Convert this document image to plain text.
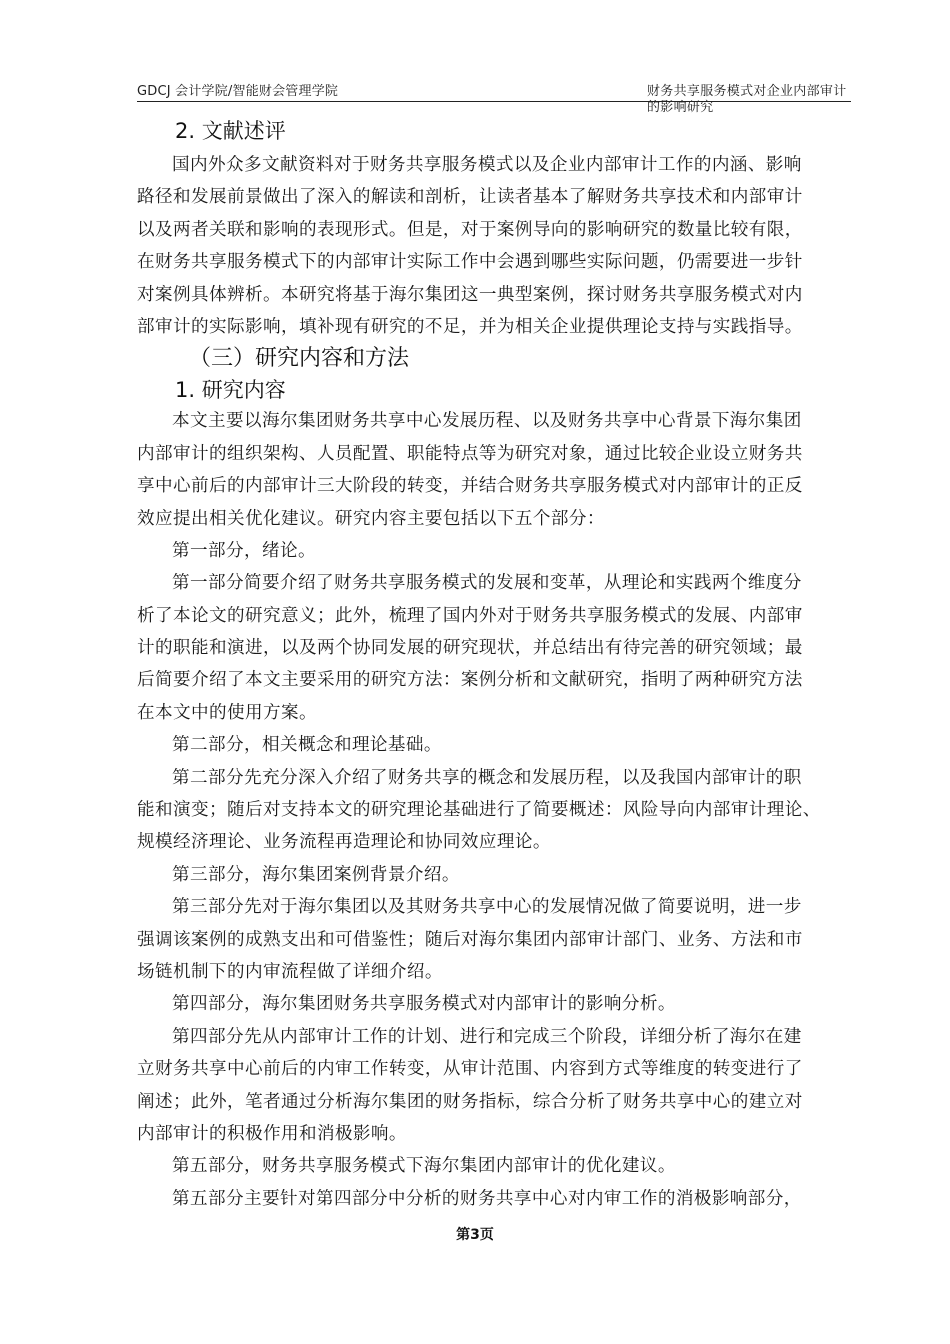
GDCJ 会计学院/智能财会管理学院	财务共享服务模式对企业内部审计的影响研究
2. 文献述评
国内外众多文献资料对于财务共享服务模式以及企业内部审计工作的内涵、影响
路径和发展前景做出了深入的解读和剖析，让读者基本了解财务共享技术和内部审计
以及两者关联和影响的表现形式。但是，对于案例导向的影响研究的数量比较有限，
在财务共享服务模式下的内部审计实际工作中会遇到哪些实际问题，仍需要进一步针
对案例具体辨析。本研究将基于海尔集团这一典型案例，探讨财务共享服务模式对内
部审计的实际影响，填补现有研究的不足，并为相关企业提供理论支持与实践指导。
（三）研究内容和方法
1. 研究内容
本文主要以海尔集团财务共享中心发展历程、以及财务共享中心背景下海尔集团
内部审计的组织架构、人员配置、职能特点等为研究对象，通过比较企业设立财务共
享中心前后的内部审计三大阶段的转变，并结合财务共享服务模式对内部审计的正反
效应提出相关优化建议。研究内容主要包括以下五个部分：
第一部分，绪论。
第一部分简要介绍了财务共享服务模式的发展和变革，从理论和实践两个维度分
析了本论文的研究意义；此外，梳理了国内外对于财务共享服务模式的发展、内部审
计的职能和演进，以及两个协同发展的研究现状，并总结出有待完善的研究领域；最
后简要介绍了本文主要采用的研究方法：案例分析和文献研究，指明了两种研究方法
在本文中的使用方案。
第二部分，相关概念和理论基础。
第二部分先充分深入介绍了财务共享的概念和发展历程，以及我国内部审计的职
能和演变；随后对支持本文的研究理论基础进行了简要概述：风险导向内部审计理论、
规模经济理论、业务流程再造理论和协同效应理论。
第三部分，海尔集团案例背景介绍。
第三部分先对于海尔集团以及其财务共享中心的发展情况做了简要说明，进一步
强调该案例的成熟支出和可借鉴性；随后对海尔集团内部审计部门、业务、方法和市
场链机制下的内审流程做了详细介绍。
第四部分，海尔集团财务共享服务模式对内部审计的影响分析。
第四部分先从内部审计工作的计划、进行和完成三个阶段，详细分析了海尔在建
立财务共享中心前后的内审工作转变，从审计范围、内容到方式等维度的转变进行了
阐述；此外，笔者通过分析海尔集团的财务指标，综合分析了财务共享中心的建立对
内部审计的积极作用和消极影响。
第五部分，财务共享服务模式下海尔集团内部审计的优化建议。
第五部分主要针对第四部分中分析的财务共享中心对内审工作的消极影响部分，
第3页
